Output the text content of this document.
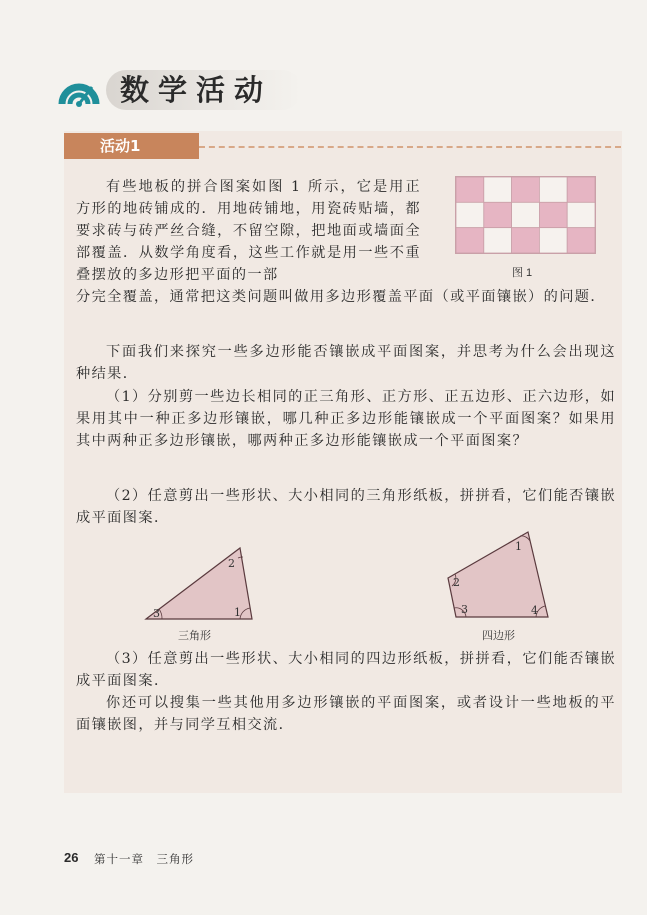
数学活动
活动1
图 1

有些地板的拼合图案如图 1 所示，它是用正方形的地砖铺成的．用地砖铺地，用瓷砖贴墙，都要求砖与砖严丝合缝，不留空隙，把地面或墙面全部覆盖．从数学角度看，这些工作就是用一些不重叠摆放的多边形把平面的一部

分完全覆盖，通常把这类问题叫做用多边形覆盖平面（或平面镶嵌）的问题．

下面我们来探究一些多边形能否镶嵌成平面图案，并思考为什么会出现这种结果．

（1）分别剪一些边长相同的正三角形、正方形、正五边形、正六边形，如果用其中一种正多边形镶嵌，哪几种正多边形能镶嵌成一个平面图案？如果用其中两种正多边形镶嵌，哪两种正多边形能镶嵌成一个平面图案？

（2）任意剪出一些形状、大小相同的三角形纸板，拼拼看，它们能否镶嵌成平面图案．

2
3	1
三角形
1
2
3	4
四边形

（3）任意剪出一些形状、大小相同的四边形纸板，拼拼看，它们能否镶嵌成平面图案．

你还可以搜集一些其他用多边形镶嵌的平面图案，或者设计一些地板的平面镶嵌图，并与同学互相交流．

26 第十一章　三角形
